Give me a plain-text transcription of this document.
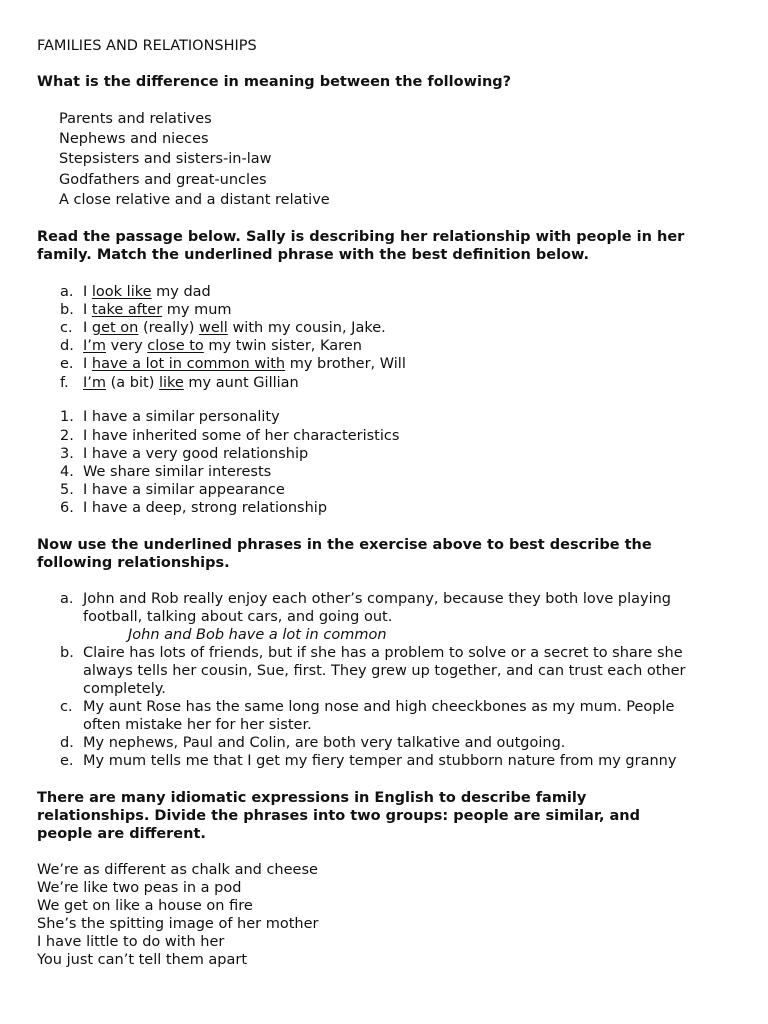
FAMILIES AND RELATIONSHIPS
What is the difference in meaning between the following?
Parents and relatives
Nephews and nieces
Stepsisters and sisters-in-law
Godfathers and great-uncles
A close relative and a distant relative
Read the passage below. Sally is describing her relationship with people in her
family. Match the underlined phrase with the best definition below.
a. I look like my dad
b. I take after my mum
c. I get on (really) well with my cousin, Jake.
d. I’m very close to my twin sister, Karen
e. I have a lot in common with my brother, Will
f. I’m (a bit) like my aunt Gillian
1. I have a similar personality
2. I have inherited some of her characteristics
3. I have a very good relationship
4. We share similar interests
5. I have a similar appearance
6. I have a deep, strong relationship
Now use the underlined phrases in the exercise above to best describe the
following relationships.
a. John and Rob really enjoy each other’s company, because they both love playing
football, talking about cars, and going out.
John and Bob have a lot in common
b. Claire has lots of friends, but if she has a problem to solve or a secret to share she
always tells her cousin, Sue, first. They grew up together, and can trust each other
completely.
c. My aunt Rose has the same long nose and high cheeckbones as my mum. People
often mistake her for her sister.
d. My nephews, Paul and Colin, are both very talkative and outgoing.
e. My mum tells me that I get my fiery temper and stubborn nature from my granny
There are many idiomatic expressions in English to describe family
relationships. Divide the phrases into two groups: people are similar, and
people are different.
We’re as different as chalk and cheese
We’re like two peas in a pod
We get on like a house on fire
She’s the spitting image of her mother
I have little to do with her
You just can’t tell them apart
